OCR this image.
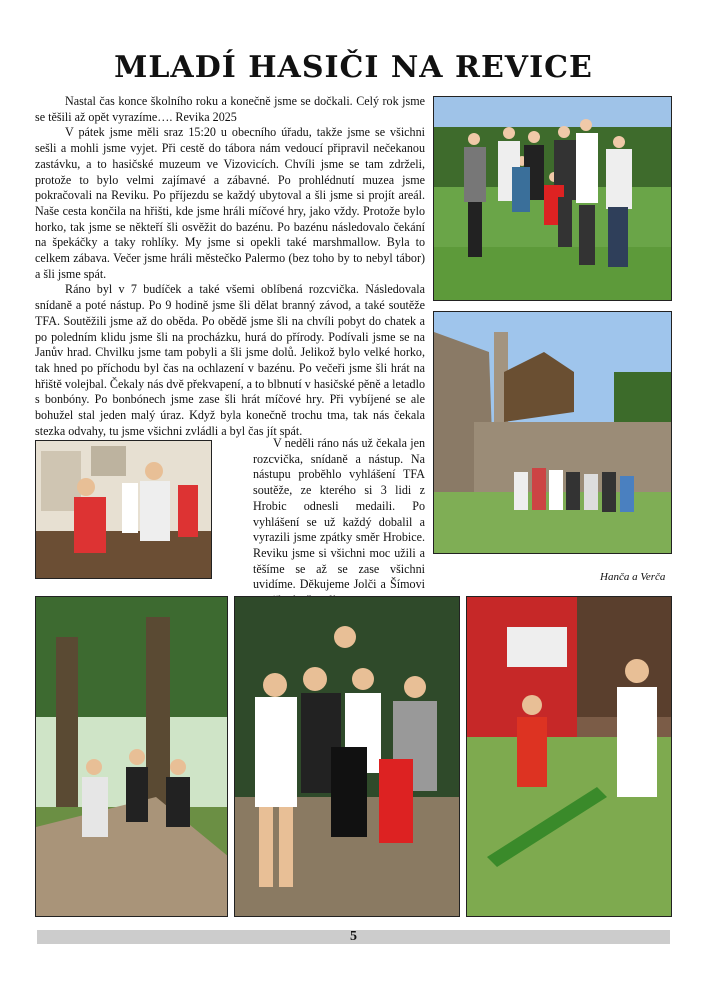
MLADÍ HASIČI NA REVICE

Nastal čas konce školního roku a konečně jsme se dočkali. Celý rok jsme se těšili až opět vyrazíme…. Revika 2025

V pátek jsme měli sraz 15:20 u obecního úřadu, takže jsme se všichni sešli a mohli jsme vyjet. Při cestě do tábora nám vedoucí připravil nečekanou zastávku, a to hasičské muzeum ve Vizovicích. Chvíli jsme se tam zdrželi, protože to bylo velmi zajímavé a zábavné. Po prohlédnutí muzea jsme pokračovali na Reviku. Po příjezdu se každý ubytoval a šli jsme si projít areál. Naše cesta končila na hřišti, kde jsme hráli míčové hry, jako vždy. Protože bylo horko, tak jsme se někteří šli osvěžit do bazénu. Po bazénu následovalo čekání na špekáčky a taky rohlíky. My jsme si opekli také marshmallow. Byla to celkem zábava. Večer jsme hráli městečko Palermo (bez toho by to nebyl tábor) a šli jsme spát.

Ráno byl v 7 budíček a také všemi oblíbená rozcvička. Následovala snídaně a poté nástup. Po 9 hodině jsme šli dělat branný závod, a také soutěže TFA. Soutěžili jsme až do oběda. Po obědě jsme šli na chvíli pobyt do chatek a po poledním klidu jsme šli na procházku, hurá do přírody. Podívali jsme se na Janův hrad. Chvilku jsme tam pobyli a šli jsme dolů. Jelikož bylo velké horko, tak hned po příchodu byl čas na ochlazení v bazénu. Po večeři jsme šli hrát na hřiště volejbal. Čekaly nás dvě překvapení, a to blbnutí v hasičské pěně a letadlo s bonbóny. Po bonbónech jsme zase šli hrát míčové hry. Při vybíjené se ale bohužel stal jeden malý úraz. Když byla konečně trochu tma, tak nás čekala stezka odvahy, tu jsme všichni zvládli a byl čas jít spát.

V neděli ráno nás už čekala jen rozcvička, snídaně a nástup. Na nástupu proběhlo vyhlášení TFA soutěže, ze kterého si 3 lidi z Hrobic odnesli medaili. Po vyhlášení se už každý dobalil a vyrazili jsme zpátky směr Hrobice. Reviku jsme si všichni moc užili a těšíme se až se zase všichni uvidíme. Děkujeme Jolči a Šímovi

Hanča a Verča
5
